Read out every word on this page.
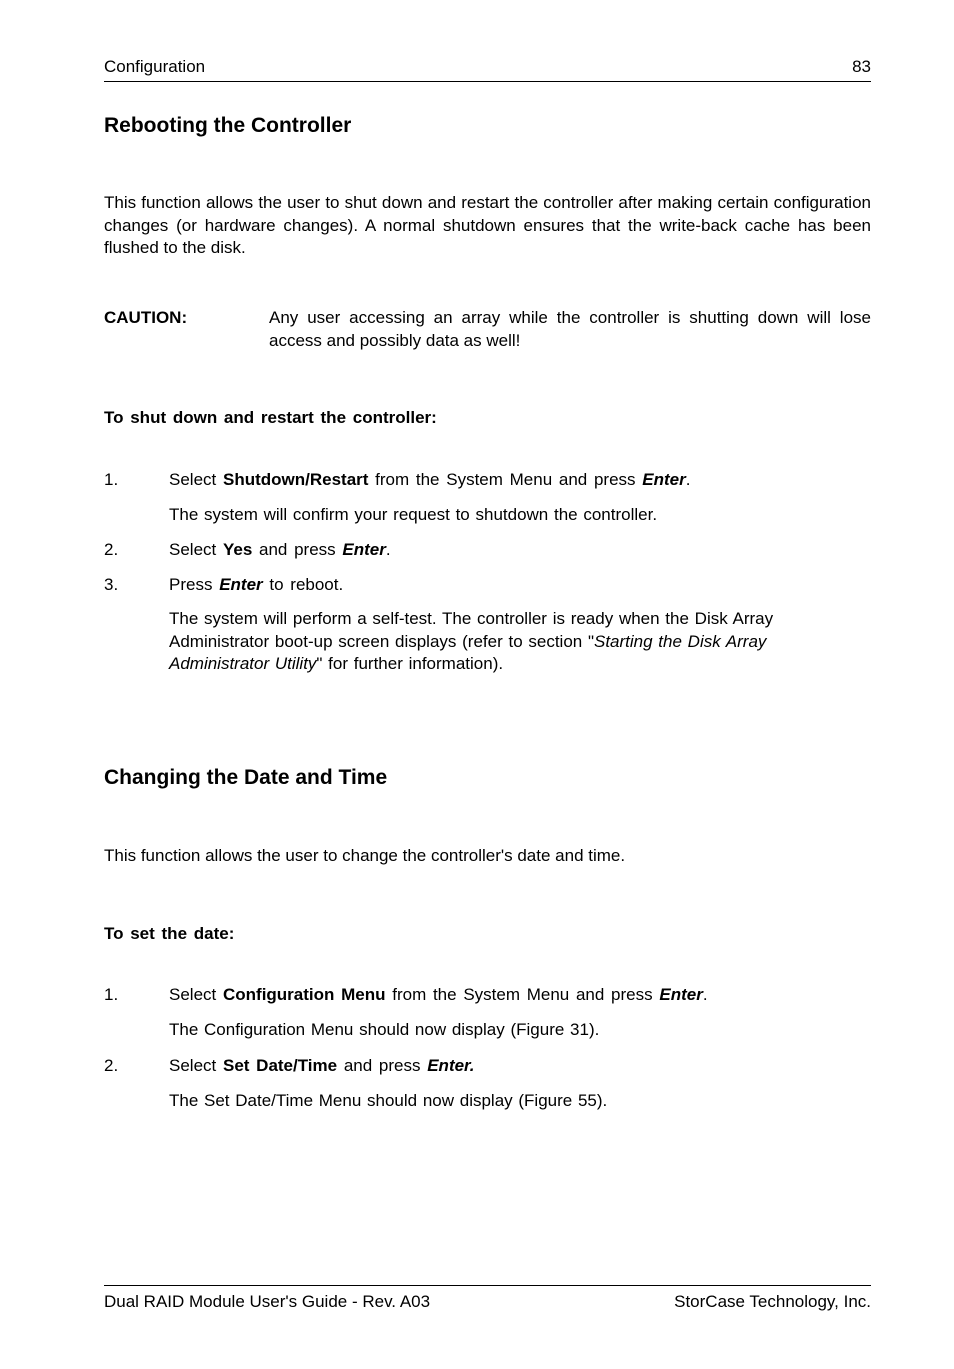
Configuration	83
Rebooting the Controller
This function allows the user to shut down and restart the controller after making certain configuration changes (or hardware changes). A normal shutdown ensures that the write-back cache has been flushed to the disk.
CAUTION:	Any user accessing an array while the controller is shutting down will lose access and possibly data as well!
To shut down and restart the controller:
1.	Select Shutdown/Restart from the System Menu and press Enter.
The system will confirm your request to shutdown the controller.
2.	Select Yes and press Enter.
3.	Press Enter to reboot.
The system will perform a self-test. The controller is ready when the Disk Array Administrator boot-up screen displays (refer to section "Starting the Disk Array Administrator Utility" for further information).
Changing the Date and Time
This function allows the user to change the controller's date and time.
To set the date:
1.	Select Configuration Menu from the System Menu and press Enter.
The Configuration Menu should now display (Figure 31).
2.	Select Set Date/Time and press Enter.
The Set Date/Time Menu should now display (Figure 55).
Dual RAID Module User's Guide - Rev. A03	StorCase Technology, Inc.
